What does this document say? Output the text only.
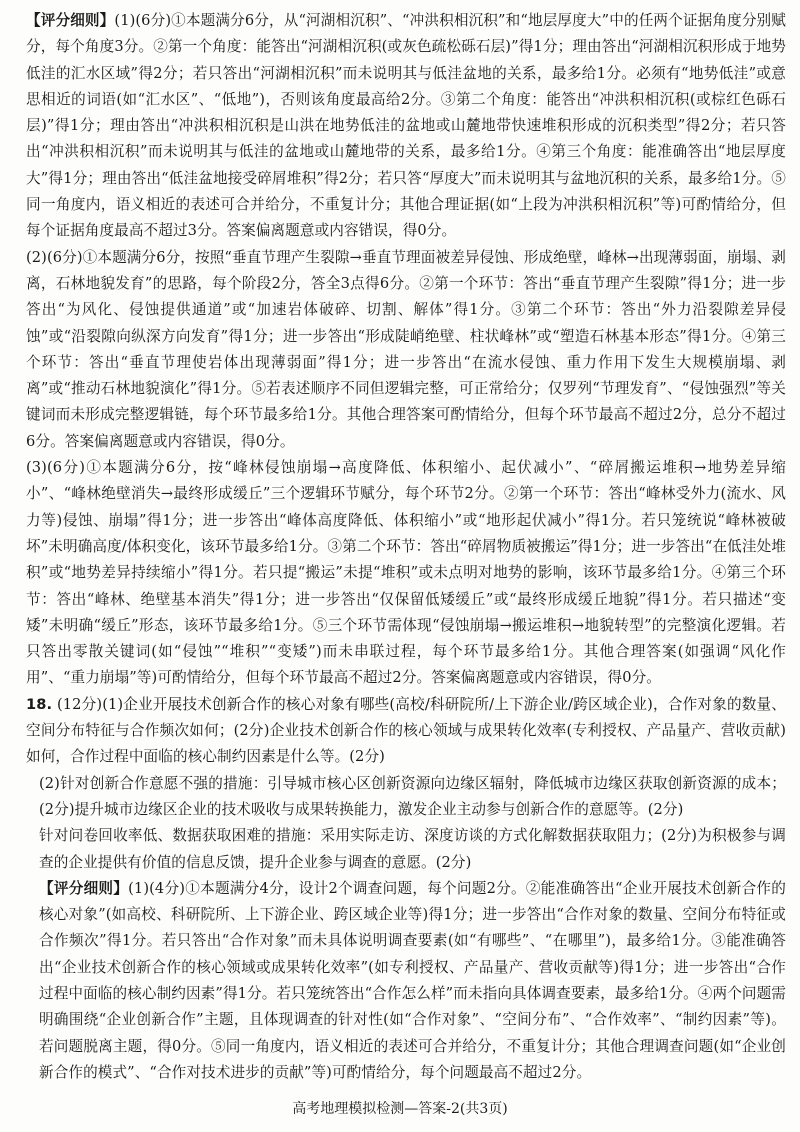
【评分细则】(1)(6分)①本题满分6分，从“河湖相沉积”、“冲洪积相沉积”和“地层厚度大”中的任两个证据角度分别赋分，每个角度3分。②第一个角度：能答出“河湖相沉积(或灰色疏松砾石层)”得1分；理由答出“河湖相沉积形成于地势低洼的汇水区域”得2分；若只答出“河湖相沉积”而未说明其与低洼盆地的关系，最多给1分。必须有“地势低洼”或意思相近的词语(如“汇水区”、“低地”)，否则该角度最高给2分。③第二个角度：能答出“冲洪积相沉积(或棕红色砾石层)”得1分；理由答出“冲洪积相沉积是山洪在地势低洼的盆地或山麓地带快速堆积形成的沉积类型”得2分；若只答出“冲洪积相沉积”而未说明其与低洼的盆地或山麓地带的关系，最多给1分。④第三个角度：能准确答出“地层厚度大”得1分；理由答出“低洼盆地接受碎屑堆积”得2分；若只答“厚度大”而未说明其与盆地沉积的关系，最多给1分。⑤同一角度内，语义相近的表述可合并给分，不重复计分；其他合理证据(如“上段为冲洪积相沉积”等)可酌情给分，但每个证据角度最高不超过3分。答案偏离题意或内容错误，得0分。

(2)(6分)①本题满分6分，按照“垂直节理产生裂隙→垂直节理面被差异侵蚀、形成绝壁，峰林→出现薄弱面，崩塌、剥离，石林地貌发育”的思路，每个阶段2分，答全3点得6分。②第一个环节：答出“垂直节理产生裂隙”得1分；进一步答出“为风化、侵蚀提供通道”或“加速岩体破碎、切割、解体”得1分。③第二个环节：答出“外力沿裂隙差异侵蚀”或“沿裂隙向纵深方向发育”得1分；进一步答出“形成陡峭绝壁、柱状峰林”或“塑造石林基本形态”得1分。④第三个环节：答出“垂直节理使岩体出现薄弱面”得1分；进一步答出“在流水侵蚀、重力作用下发生大规模崩塌、剥离”或“推动石林地貌演化”得1分。⑤若表述顺序不同但逻辑完整，可正常给分；仅罗列“节理发育”、“侵蚀强烈”等关键词而未形成完整逻辑链，每个环节最多给1分。其他合理答案可酌情给分，但每个环节最高不超过2分，总分不超过6分。答案偏离题意或内容错误，得0分。

(3)(6分)①本题满分6分，按“峰林侵蚀崩塌→高度降低、体积缩小、起伏减小”、“碎屑搬运堆积→地势差异缩小”、“峰林绝壁消失→最终形成缓丘”三个逻辑环节赋分，每个环节2分。②第一个环节：答出“峰林受外力(流水、风力等)侵蚀、崩塌”得1分；进一步答出“峰体高度降低、体积缩小”或“地形起伏减小”得1分。若只笼统说“峰林被破坏”未明确高度/体积变化，该环节最多给1分。③第二个环节：答出“碎屑物质被搬运”得1分；进一步答出“在低洼处堆积”或“地势差异持续缩小”得1分。若只提“搬运”未提“堆积”或未点明对地势的影响，该环节最多给1分。④第三个环节：答出“峰林、绝壁基本消失”得1分；进一步答出“仅保留低矮缓丘”或“最终形成缓丘地貌”得1分。若只描述“变矮”未明确“缓丘”形态，该环节最多给1分。⑤三个环节需体现“侵蚀崩塌→搬运堆积→地貌转型”的完整演化逻辑。若只答出零散关键词(如“侵蚀”“堆积”“变矮”)而未串联过程，每个环节最多给1分。其他合理答案(如强调“风化作用”、“重力崩塌”等)可酌情给分，但每个环节最高不超过2分。答案偏离题意或内容错误，得0分。

18. (12分)(1)企业开展技术创新合作的核心对象有哪些(高校/科研院所/上下游企业/跨区域企业)，合作对象的数量、空间分布特征与合作频次如何；(2分)企业技术创新合作的核心领域与成果转化效率(专利授权、产品量产、营收贡献)如何，合作过程中面临的核心制约因素是什么等。(2分)

(2)针对创新合作意愿不强的措施：引导城市核心区创新资源向边缘区辐射，降低城市边缘区获取创新资源的成本；(2分)提升城市边缘区企业的技术吸收与成果转换能力，激发企业主动参与创新合作的意愿等。(2分)

针对问卷回收率低、数据获取困难的措施：采用实际走访、深度访谈的方式化解数据获取阻力；(2分)为积极参与调查的企业提供有价值的信息反馈，提升企业参与调查的意愿。(2分)

【评分细则】(1)(4分)①本题满分4分，设计2个调查问题，每个问题2分。②能准确答出“企业开展技术创新合作的核心对象”(如高校、科研院所、上下游企业、跨区域企业等)得1分；进一步答出“合作对象的数量、空间分布特征或合作频次”得1分。若只答出“合作对象”而未具体说明调查要素(如“有哪些”、“在哪里”)，最多给1分。③能准确答出“企业技术创新合作的核心领域或成果转化效率”(如专利授权、产品量产、营收贡献等)得1分；进一步答出“合作过程中面临的核心制约因素”得1分。若只笼统答出“合作怎么样”而未指向具体调查要素，最多给1分。④两个问题需明确围绕“企业创新合作”主题，且体现调查的针对性(如“合作对象”、“空间分布”、“合作效率”、“制约因素”等)。若问题脱离主题，得0分。⑤同一角度内，语义相近的表述可合并给分，不重复计分；其他合理调查问题(如“企业创新合作的模式”、“合作对技术进步的贡献”等)可酌情给分，每个问题最高不超过2分。

高考地理模拟检测—答案-2(共3页)
